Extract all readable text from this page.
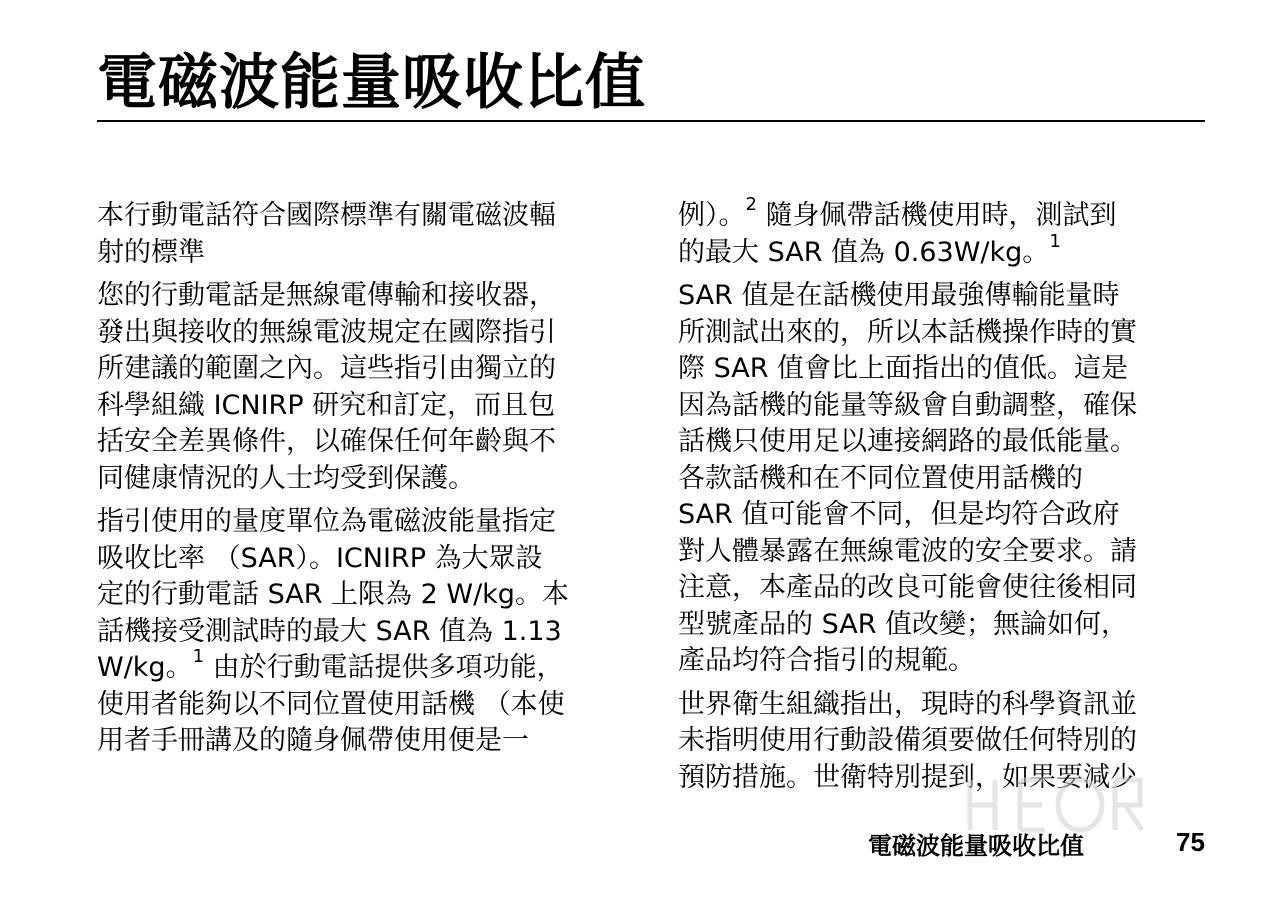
電磁波能量吸收比值

本行動電話符合國際標準有關電磁波輻
射的標準

您的行動電話是無線電傳輸和接收器，
發出與接收的無線電波規定在國際指引
所建議的範圍之內。這些指引由獨立的
科學組織 ICNIRP 研究和訂定，而且包
括安全差異條件，以確保任何年齡與不
同健康情況的人士均受到保護。

指引使用的量度單位為電磁波能量指定
吸收比率 （SAR）。ICNIRP 為大眾設
定的行動電話 SAR 上限為 2 W/kg。本
話機接受測試時的最大 SAR 值為 1.13
W/kg。$^1$ 由於行動電話提供多項功能，
使用者能夠以不同位置使用話機 （本使
用者手冊講及的隨身佩帶使用便是一

例）。$^2$ 隨身佩帶話機使用時，測試到
的最大 SAR 值為 0.63W/kg。$^1$

SAR 值是在話機使用最強傳輸能量時
所測試出來的，所以本話機操作時的實
際 SAR 值會比上面指出的值低。這是
因為話機的能量等級會自動調整，確保
話機只使用足以連接網路的最低能量。
各款話機和在不同位置使用話機的
SAR 值可能會不同，但是均符合政府
對人體暴露在無線電波的安全要求。請
注意，本產品的改良可能會使往後相同
型號產品的 SAR 值改變；無論如何，
產品均符合指引的規範。

世界衛生組織指出，現時的科學資訊並
未指明使用行動設備須要做任何特別的
預防措施。世衛特別提到，如果要減少

電磁波能量吸收比值	75
